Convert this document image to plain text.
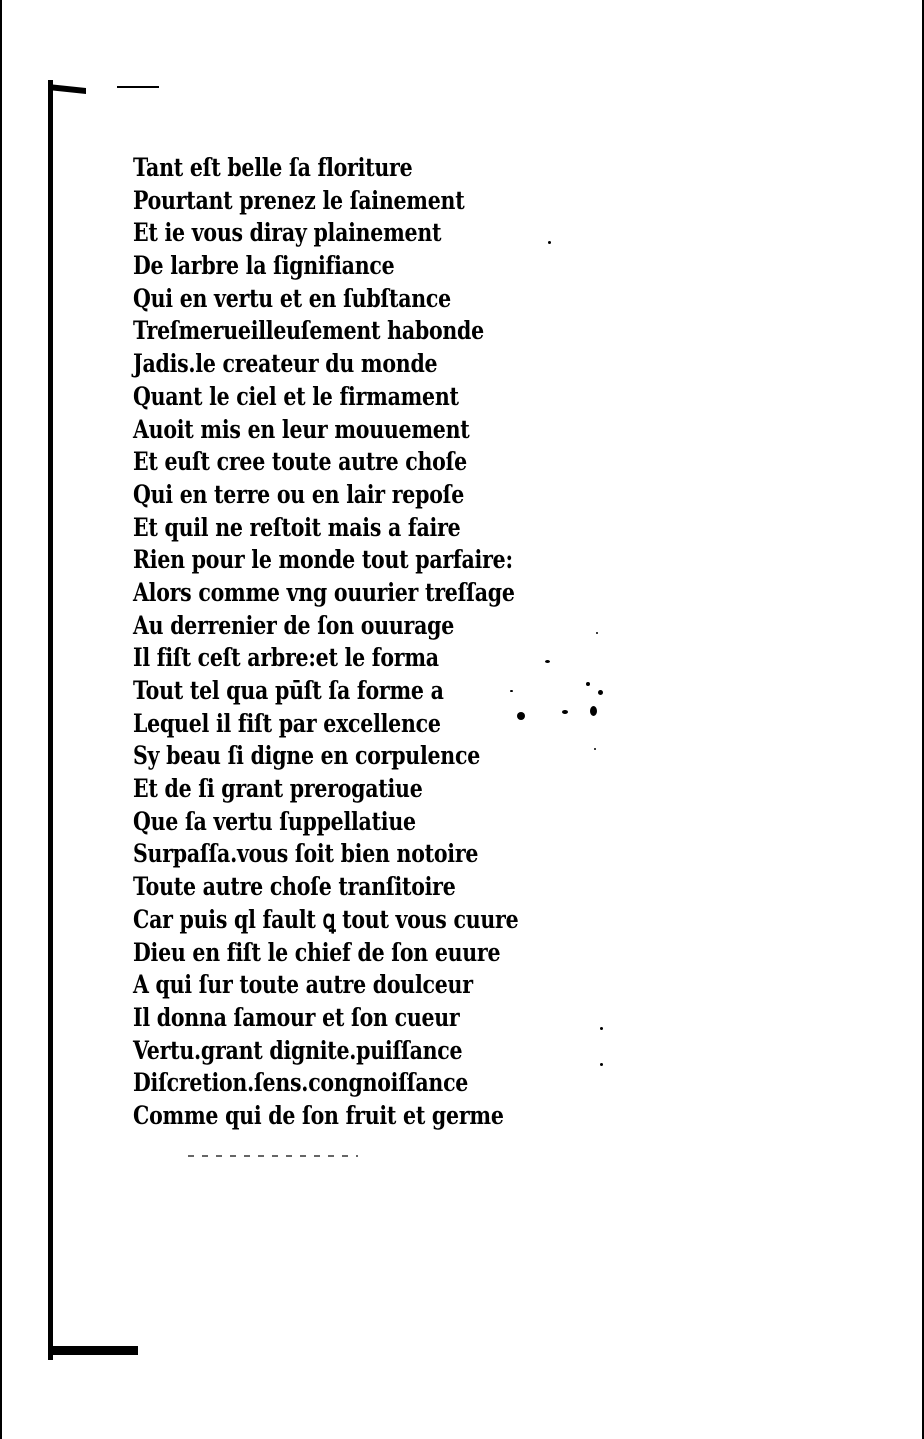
Tant eſt belle ſa floriture
Pourtant prenez le ſainement
Et ie vous diray plainement
De larbre la ſignifiance
Qui en vertu et en ſubſtance
Treſmerueilleuſement habonde
Jadis.le createur du monde
Quant le ciel et le firmament
Auoit mis en leur mouuement
Et euſt cree toute autre choſe
Qui en terre ou en lair repoſe
Et quil ne reſtoit mais a faire
Rien pour le monde tout parfaire:
Alors comme vng ouurier treſſage
Au derrenier de ſon ouurage
Il fiſt ceſt arbre:et le forma
Tout tel qua pūſt ſa forme a
Lequel il fiſt par excellence
Sy beau ſi digne en corpulence
Et de ſi grant prerogatiue
Que ſa vertu ſuppellatiue
Surpaſſa.vous ſoit bien notoire
Toute autre choſe tranſitoire
Car puis ql fault ꝗ tout vous cuure
Dieu en fiſt le chief de ſon euure
A qui ſur toute autre doulceur
Il donna ſamour et ſon cueur
Vertu.grant dignite.puiſſance
Diſcretion.ſens.congnoiſſance
Comme qui de ſon fruit et germe
